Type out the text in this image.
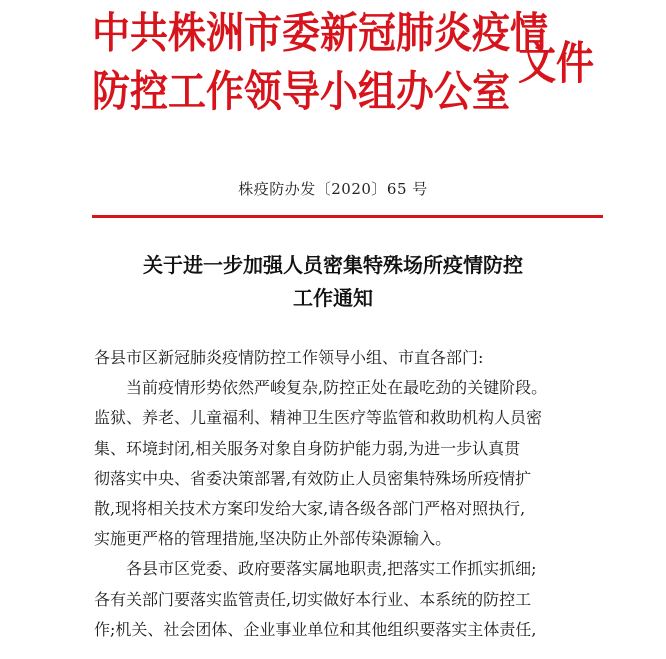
中共株洲市委新冠肺炎疫情
防控工作领导小组办公室
文件
株疫防办发〔2020〕65 号
关于进一步加强人员密集特殊场所疫情防控
工作通知
各县市区新冠肺炎疫情防控工作领导小组、市直各部门:
当前疫情形势依然严峻复杂,防控正处在最吃劲的关键阶段。
监狱、养老、儿童福利、精神卫生医疗等监管和救助机构人员密
集、环境封闭,相关服务对象自身防护能力弱,为进一步认真贯
彻落实中央、省委决策部署,有效防止人员密集特殊场所疫情扩
散,现将相关技术方案印发给大家,请各级各部门严格对照执行,
实施更严格的管理措施,坚决防止外部传染源输入。
各县市区党委、政府要落实属地职责,把落实工作抓实抓细;
各有关部门要落实监管责任,切实做好本行业、本系统的防控工
作;机关、社会团体、企业事业单位和其他组织要落实主体责任,
